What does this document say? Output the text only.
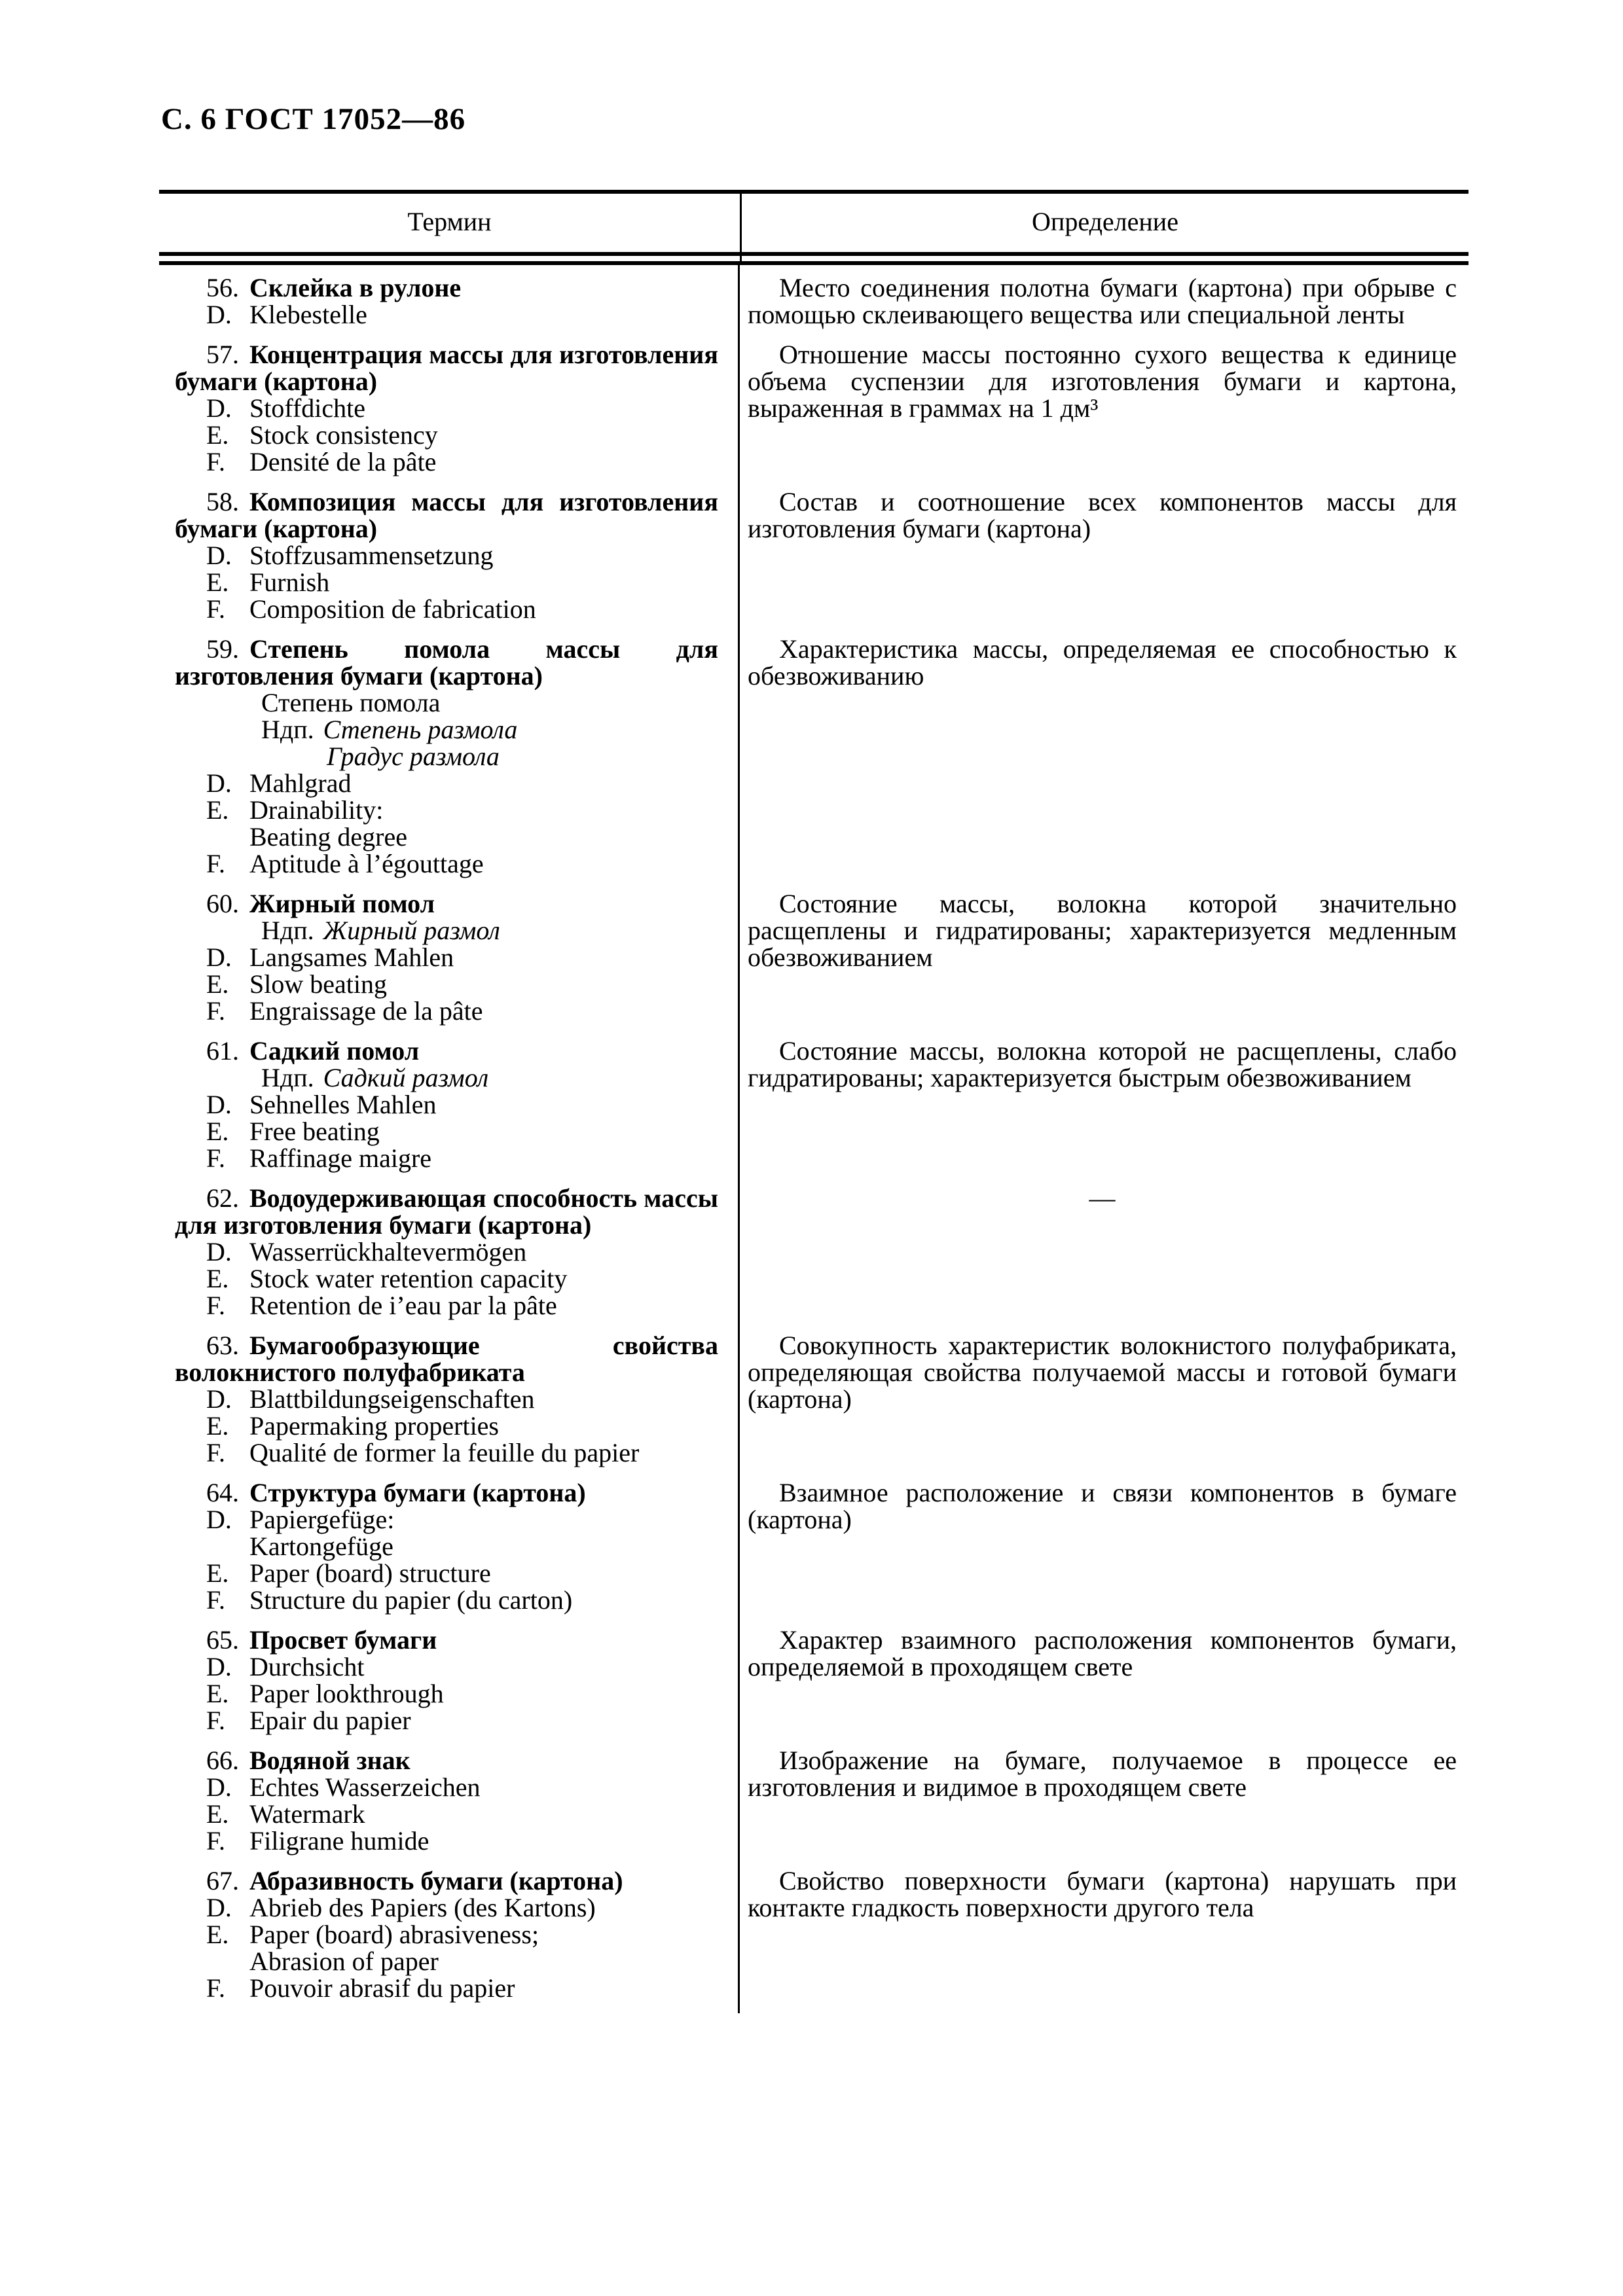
С. 6 ГОСТ 17052—86
Термин	Определение

56. Склейка в рулоне

D. Klebestelle

Место соединения полотна бумаги (картона) при обрыве с помощью склеивающего вещества или специальной ленты

57. Концентрация массы для изготовления бумаги (картона)

D. Stoffdichte

E. Stock consistency

F. Densité de la pâte

Отношение массы постоянно сухого вещества к единице объема суспензии для изготовления бумаги и картона, выраженная в граммах на 1 дм³

58. Композиция массы для изготовления бумаги (картона)

D. Stoffzusammensetzung

E. Furnish

F. Composition de fabrication

Состав и соотношение всех компонентов массы для изготовления бумаги (картона)

59. Степень помола массы для изготовления бумаги (картона)

Степень помола

Ндп. Степень размола

Градус размола

D. Mahlgrad

E. Drainability:

Beating degree

F. Aptitude à l’égouttage

Характеристика массы, определяемая ее способностью к обезвоживанию

60. Жирный помол

Ндп. Жирный размол

D. Langsames Mahlen

E. Slow beating

F. Engraissage de la pâte

Состояние массы, волокна которой значительно расщеплены и гидратированы; характеризуется медленным обезвоживанием

61. Садкий помол

Ндп. Садкий размол

D. Sehnelles Mahlen

E. Free beating

F. Raffinage maigre

Состояние массы, волокна которой не расщеплены, слабо гидратированы; характеризуется быстрым обезвоживанием

62. Водоудерживающая способность массы для изготовления бумаги (картона)

D. Wasserrückhaltevermögen

E. Stock water retention capacity

F. Retention de i’eau par la pâte

—

63. Бумагообразующие свойства волокнистого полуфабриката

D. Blattbildungseigenschaften

E. Papermaking properties

F. Qualité de former la feuille du papier

Совокупность характеристик волокнистого полуфабриката, определяющая свойства получаемой массы и готовой бумаги (картона)

64. Структура бумаги (картона)

D. Papiergefüge:

Kartongefüge

E. Paper (board) structure

F. Structure du papier (du carton)

Взаимное расположение и связи компонентов в бумаге (картона)

65. Просвет бумаги

D. Durchsicht

E. Paper lookthrough

F. Epair du papier

Характер взаимного расположения компонентов бумаги, определяемой в проходящем свете

66. Водяной знак

D. Echtes Wasserzeichen

E. Watermark

F. Filigrane humide

Изображение на бумаге, получаемое в процессе ее изготовления и видимое в проходящем свете

67. Абразивность бумаги (картона)

D. Abrieb des Papiers (des Kartons)

E. Paper (board) abrasiveness;

Abrasion of paper

F. Pouvoir abrasif du papier

Свойство поверхности бумаги (картона) нарушать при контакте гладкость поверхности другого тела
